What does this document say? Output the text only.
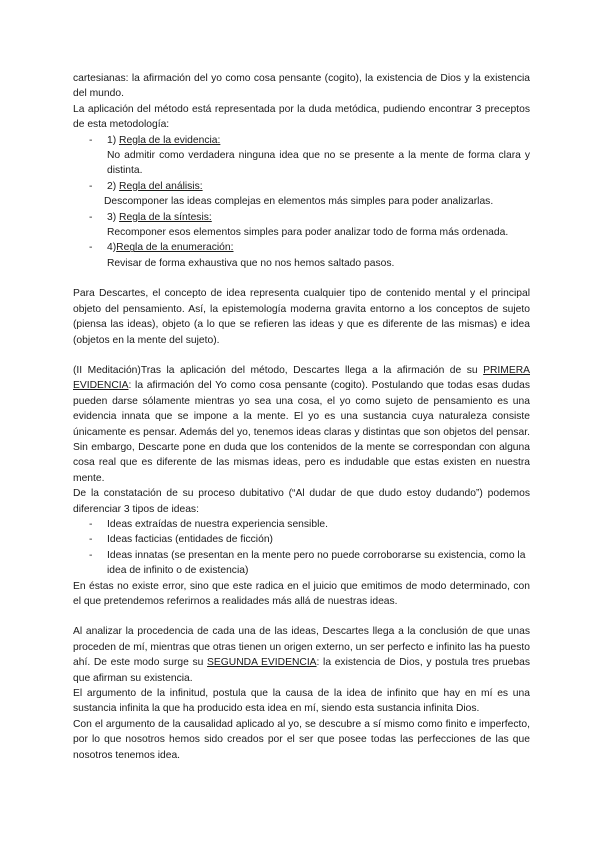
cartesianas: la afirmación del yo como cosa pensante (cogito), la existencia de Dios y la existencia del mundo.

La aplicación del método está representada por la duda metódica, pudiendo encontrar 3 preceptos de esta metodología:

- 1) Regla de la evidencia:
No admitir como verdadera ninguna idea que no se presente a la mente de forma clara y distinta.
- 2) Regla del análisis:
Descomponer las ideas complejas en elementos más simples para poder analizarlas.
- 3) Regla de la síntesis:
Recomponer esos elementos simples para poder analizar todo de forma más ordenada.
- 4)Regla de la enumeración:
Revisar de forma exhaustiva que no nos hemos saltado pasos.

Para Descartes, el concepto de idea representa cualquier tipo de contenido mental y el principal objeto del pensamiento. Así, la epistemología moderna gravita entorno a los conceptos de sujeto (piensa las ideas), objeto (a lo que se refieren las ideas y que es diferente de las mismas) e idea (objetos en la mente del sujeto).

(II Meditación)Tras la aplicación del método, Descartes llega a la afirmación de su PRIMERA EVIDENCIA: la afirmación del Yo como cosa pensante (cogito). Postulando que todas esas dudas pueden darse sólamente mientras yo sea una cosa, el yo como sujeto de pensamiento es una evidencia innata que se impone a la mente. El yo es una sustancia cuya naturaleza consiste únicamente es pensar. Además del yo, tenemos ideas claras y distintas que son objetos del pensar. Sin embargo, Descarte pone en duda que los contenidos de la mente se correspondan con alguna cosa real que es diferente de las mismas ideas, pero es indudable que estas existen en nuestra mente.

De la constatación de su proceso dubitativo (“Al dudar de que dudo estoy dudando”) podemos diferenciar 3 tipos de ideas:

- Ideas extraídas de nuestra experiencia sensible.
- Ideas facticias (entidades de ficción)
- Ideas innatas (se presentan en la mente pero no puede corroborarse su existencia, como la idea de infinito o de existencia)

En éstas no existe error, sino que este radica en el juicio que emitimos de modo determinado, con el que pretendemos referirnos a realidades más allá de nuestras ideas.

Al analizar la procedencia de cada una de las ideas, Descartes llega a la conclusión de que unas proceden de mí, mientras que otras tienen un origen externo, un ser perfecto e infinito las ha puesto ahí. De este modo surge su SEGUNDA EVIDENCIA: la existencia de Dios, y postula tres pruebas que afirman su existencia.

El argumento de la infinitud, postula que la causa de la idea de infinito que hay en mí es una sustancia infinita la que ha producido esta idea en mí, siendo esta sustancia infinita Dios.

Con el argumento de la causalidad aplicado al yo, se descubre a sí mismo como finito e imperfecto, por lo que nosotros hemos sido creados por el ser que posee todas las perfecciones de las que nosotros tenemos idea.
